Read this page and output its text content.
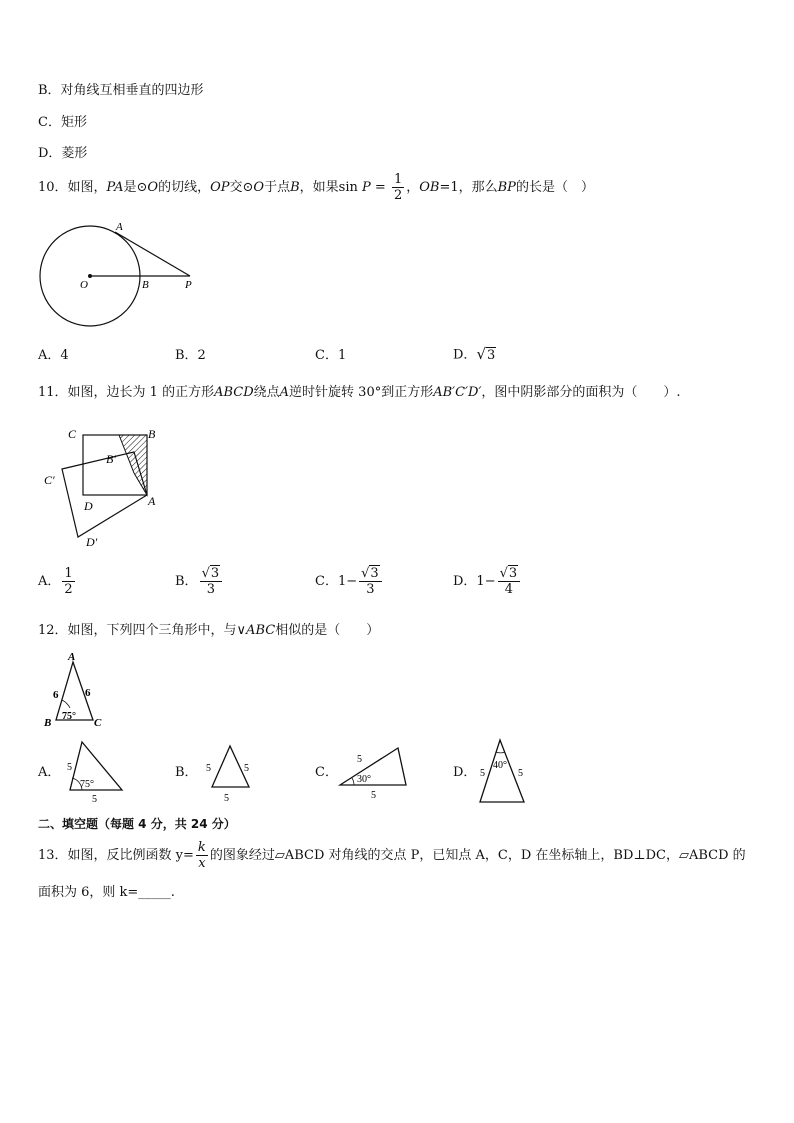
B．对角线互相垂直的四边形
C．矩形
D．菱形
10．如图，PA是⊙O的切线，OP交⊙O于点B，如果$\sin P = \frac{1}{2}$ ，OB=1，那么BP的长是（　）
A
O	B	P
A．4	B．2	C．1	D．√3
11．如图，边长为 1 的正方形ABCD绕点A逆时针旋转 30°到正方形AB′C′D′，图中阴影部分的面积为（　　）.
C	B
B′
C′
D	A
D′
A． $\frac{1}{2}$	B． $\frac{√3}{3}$	C．$1- \frac{√3}{3}$	D．$1- \frac{√3}{4}$
12．如图，下列四个三角形中，与∨ABC相似的是（　　）
A
B	C
6 6
75°
A． 5
75°
5
B． 5	5
5
C．
5
30°
5
D． 40°
5	5
二、填空题（每题 4 分，共 24 分）
13．如图，反比例函数 $y= \frac{k}{x}$ 的图象经过▱ABCD 对角线的交点 P，已知点 A，C，D 在坐标轴上，BD⊥DC，▱ABCD 的
面积为 6，则 k=_____.
